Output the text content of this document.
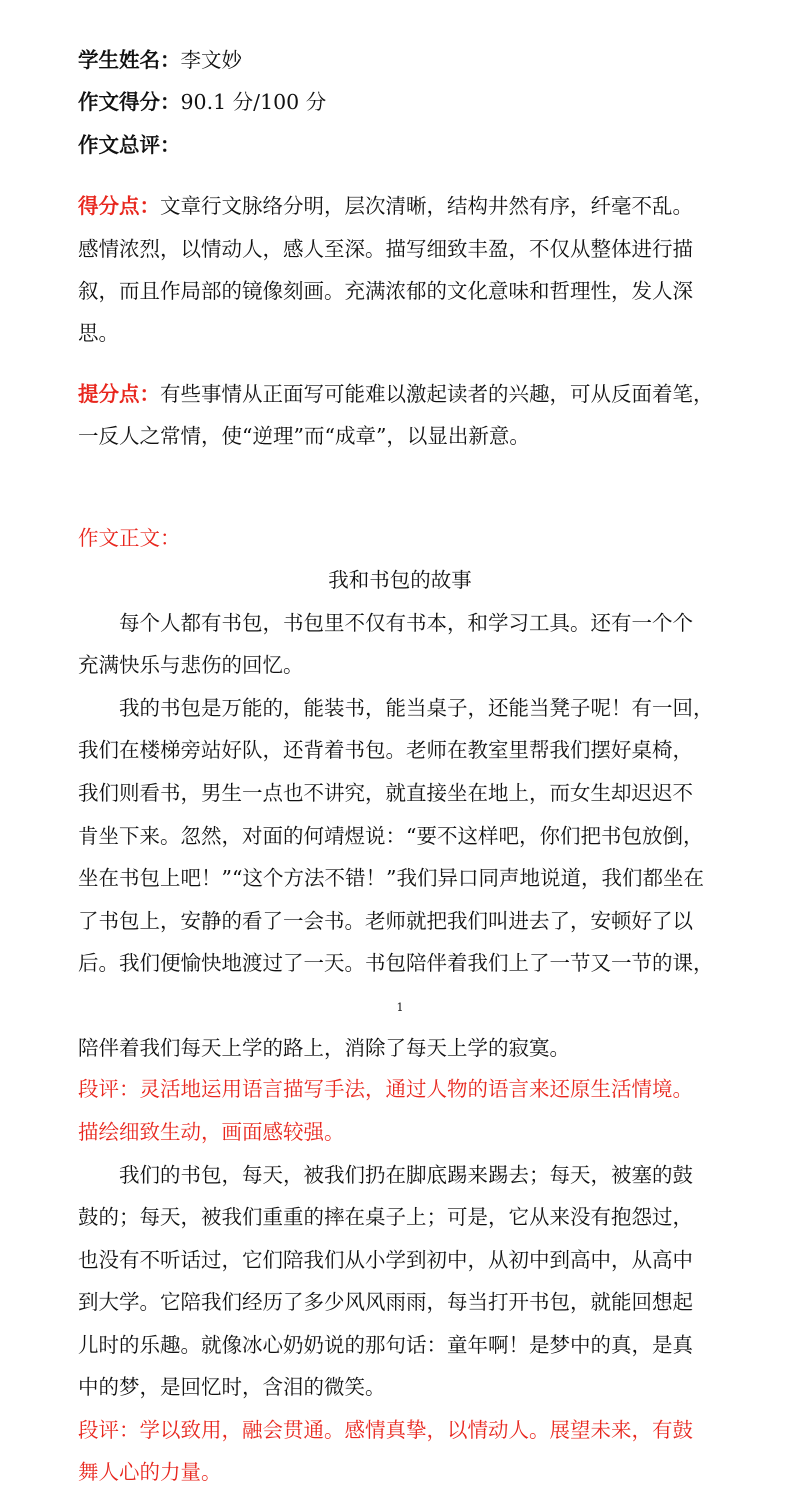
学生姓名：李文妙
作文得分：90.1 分/100 分
作文总评：
得分点：文章行文脉络分明，层次清晰，结构井然有序，纤毫不乱。
感情浓烈，以情动人，感人至深。描写细致丰盈，不仅从整体进行描
叙，而且作局部的镜像刻画。充满浓郁的文化意味和哲理性，发人深
思。
提分点：有些事情从正面写可能难以激起读者的兴趣，可从反面着笔，
一反人之常情，使“逆理”而“成章”，以显出新意。
作文正文：
我和书包的故事
　　每个人都有书包，书包里不仅有书本，和学习工具。还有一个个
充满快乐与悲伤的回忆。
　　我的书包是万能的，能装书，能当桌子，还能当凳子呢！有一回，
我们在楼梯旁站好队，还背着书包。老师在教室里帮我们摆好桌椅，
我们则看书，男生一点也不讲究，就直接坐在地上，而女生却迟迟不
肯坐下来。忽然，对面的何靖煜说：“要不这样吧，你们把书包放倒，
坐在书包上吧！”“这个方法不错！”我们异口同声地说道，我们都坐在
了书包上，安静的看了一会书。老师就把我们叫进去了，安顿好了以
后。我们便愉快地渡过了一天。书包陪伴着我们上了一节又一节的课，
1
陪伴着我们每天上学的路上，消除了每天上学的寂寞。
段评：灵活地运用语言描写手法，通过人物的语言来还原生活情境。
描绘细致生动，画面感较强。
　　我们的书包，每天，被我们扔在脚底踢来踢去；每天，被塞的鼓
鼓的；每天，被我们重重的摔在桌子上；可是，它从来没有抱怨过，
也没有不听话过，它们陪我们从小学到初中，从初中到高中，从高中
到大学。它陪我们经历了多少风风雨雨，每当打开书包，就能回想起
儿时的乐趣。就像冰心奶奶说的那句话：童年啊！是梦中的真，是真
中的梦，是回忆时，含泪的微笑。
段评：学以致用，融会贯通。感情真挚，以情动人。展望未来，有鼓
舞人心的力量。
